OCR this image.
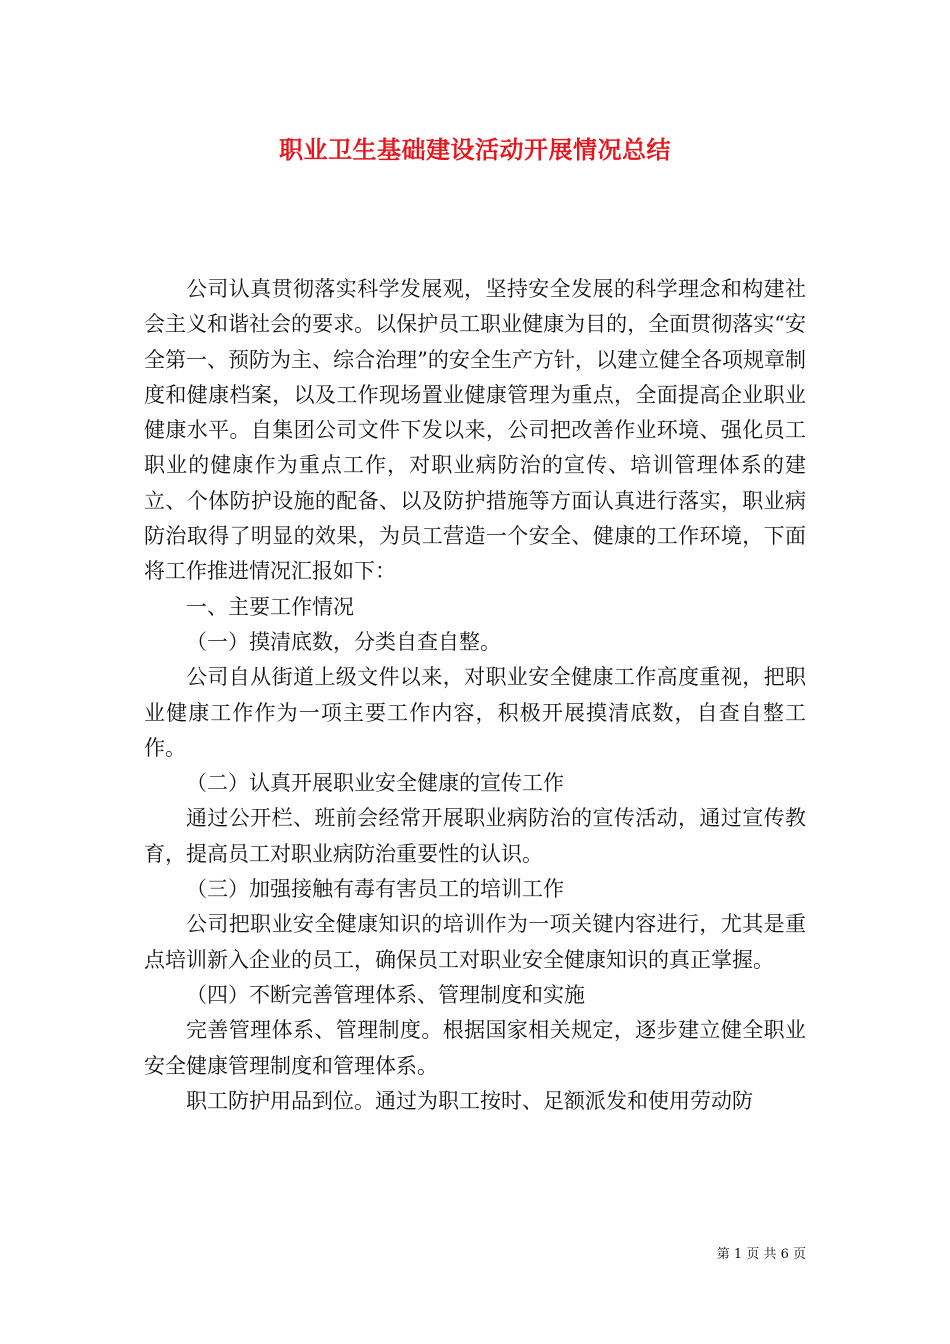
职业卫生基础建设活动开展情况总结

公司认真贯彻落实科学发展观，坚持安全发展的科学理念和构建社会主义和谐社会的要求。以保护员工职业健康为目的，全面贯彻落实“安全第一、预防为主、综合治理”的安全生产方针，以建立健全各项规章制度和健康档案，以及工作现场置业健康管理为重点，全面提高企业职业健康水平。自集团公司文件下发以来，公司把改善作业环境、强化员工职业的健康作为重点工作，对职业病防治的宣传、培训管理体系的建立、个体防护设施的配备、以及防护措施等方面认真进行落实，职业病防治取得了明显的效果，为员工营造一个安全、健康的工作环境，下面将工作推进情况汇报如下：

一、主要工作情况

（一）摸清底数，分类自查自整。

公司自从街道上级文件以来，对职业安全健康工作高度重视，把职业健康工作作为一项主要工作内容，积极开展摸清底数，自查自整工作。

（二）认真开展职业安全健康的宣传工作

通过公开栏、班前会经常开展职业病防治的宣传活动，通过宣传教育，提高员工对职业病防治重要性的认识。

（三）加强接触有毒有害员工的培训工作

公司把职业安全健康知识的培训作为一项关键内容进行，尤其是重点培训新入企业的员工，确保员工对职业安全健康知识的真正掌握。

（四）不断完善管理体系、管理制度和实施

完善管理体系、管理制度。根据国家相关规定，逐步建立健全职业安全健康管理制度和管理体系。

职工防护用品到位。通过为职工按时、足额派发和使用劳动防

第 1 页 共 6 页
